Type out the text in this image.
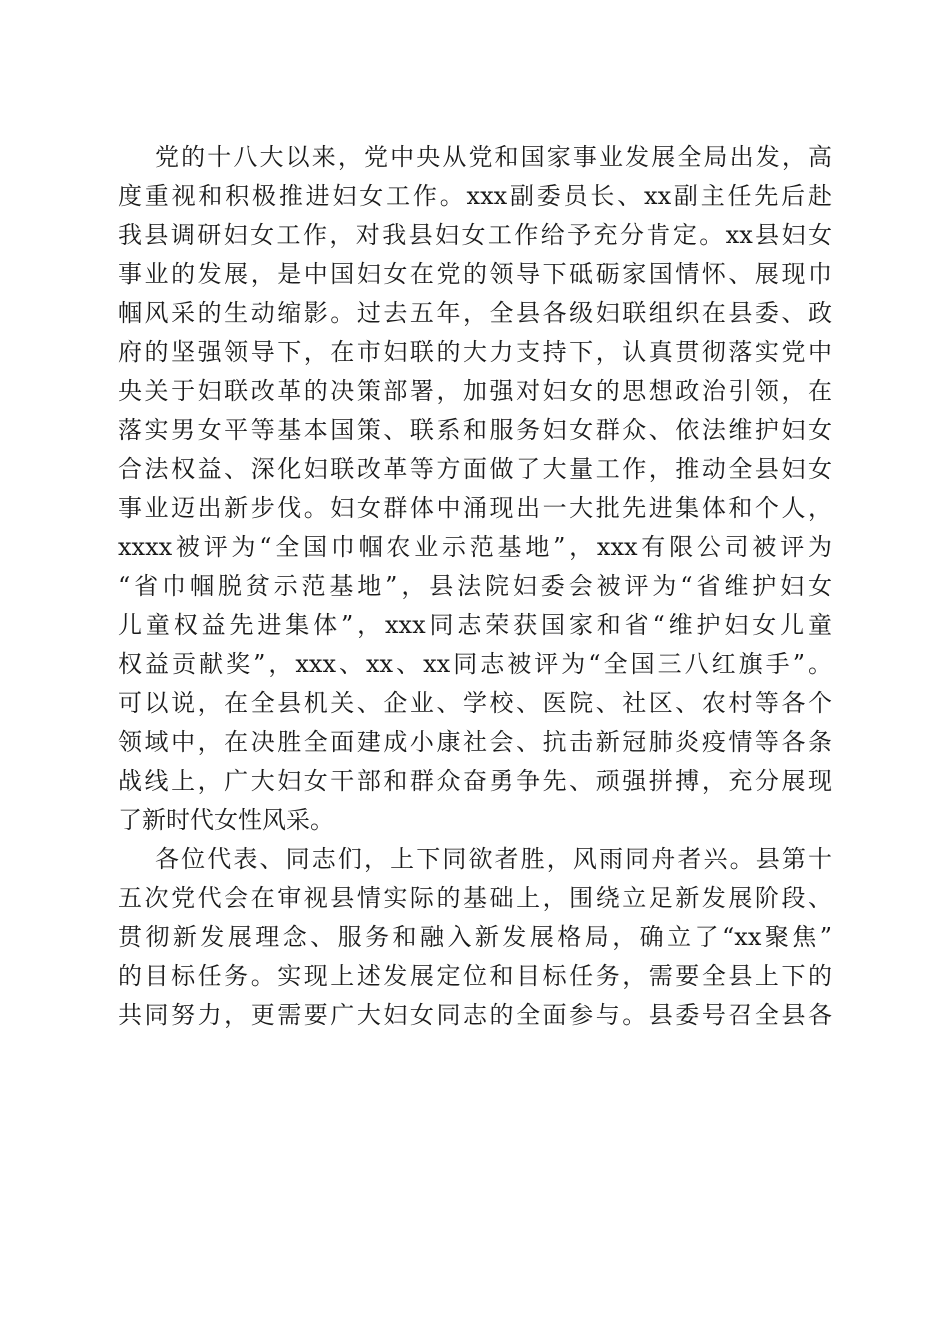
党的十八大以来，党中央从党和国家事业发展全局出发，高
度重视和积极推进妇女工作。xxx副委员长、xx副主任先后赴
我县调研妇女工作，对我县妇女工作给予充分肯定。xx县妇女
事业的发展，是中国妇女在党的领导下砥砺家国情怀、展现巾
帼风采的生动缩影。过去五年，全县各级妇联组织在县委、政
府的坚强领导下，在市妇联的大力支持下，认真贯彻落实党中
央关于妇联改革的决策部署，加强对妇女的思想政治引领，在
落实男女平等基本国策、联系和服务妇女群众、依法维护妇女
合法权益、深化妇联改革等方面做了大量工作，推动全县妇女
事业迈出新步伐。妇女群体中涌现出一大批先进集体和个人，
xxxx被评为“全国巾帼农业示范基地”，xxx有限公司被评为
“省巾帼脱贫示范基地”，县法院妇委会被评为“省维护妇女
儿童权益先进集体”，xxx同志荣获国家和省“维护妇女儿童
权益贡献奖”，xxx、xx、xx同志被评为“全国三八红旗手”。
可以说，在全县机关、企业、学校、医院、社区、农村等各个
领域中，在决胜全面建成小康社会、抗击新冠肺炎疫情等各条
战线上，广大妇女干部和群众奋勇争先、顽强拼搏，充分展现
了新时代女性风采。
各位代表、同志们，上下同欲者胜，风雨同舟者兴。县第十
五次党代会在审视县情实际的基础上，围绕立足新发展阶段、
贯彻新发展理念、服务和融入新发展格局，确立了“xx聚焦”
的目标任务。实现上述发展定位和目标任务，需要全县上下的
共同努力，更需要广大妇女同志的全面参与。县委号召全县各
